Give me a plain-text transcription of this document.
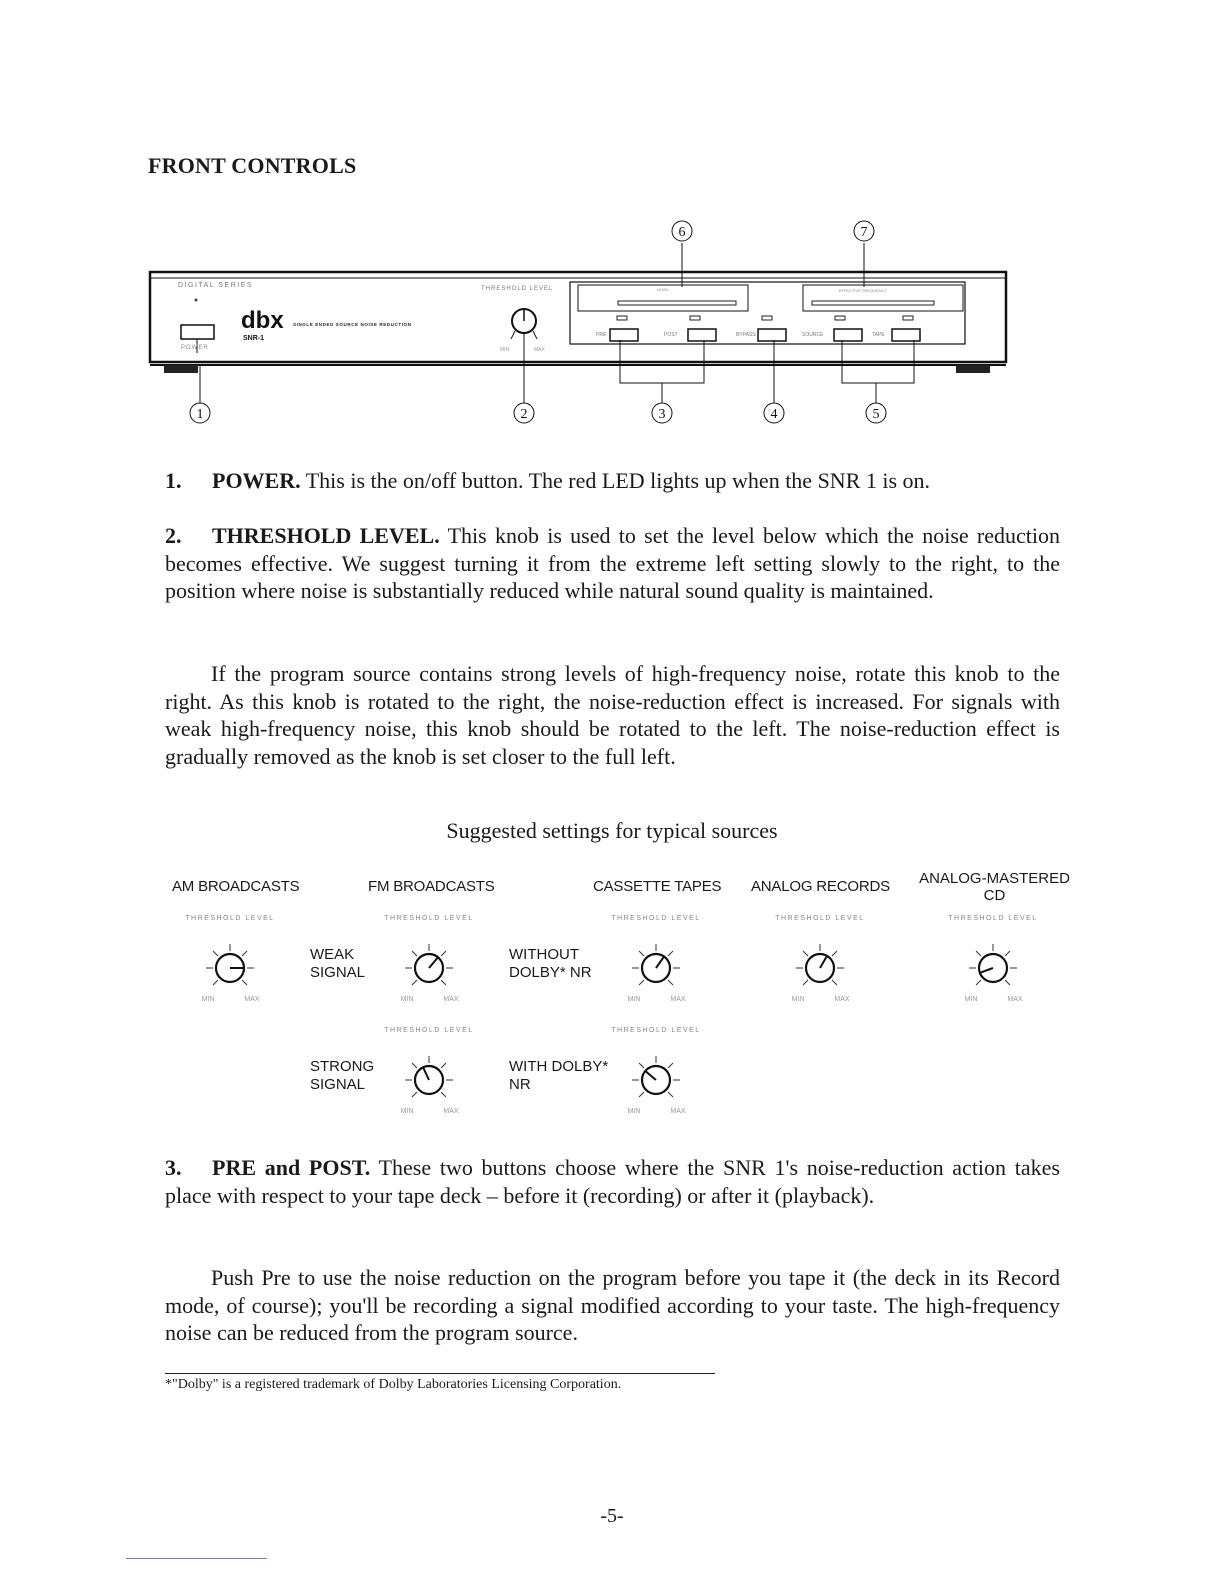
FRONT CONTROLS
DIGITAL SERIES
POWER
dbx
SNR-1
SINGLE ENDED SOURCE NOISE REDUCTION
THRESHOLD LEVEL
MIN	MAX
LEVEL	EFFECTIVE FREQUENCY
PRE	POST	BYPASS	SOURCE	TAPE
1	2	3	4	5
6	7
1. POWER. This is the on/off button. The red LED lights up when the SNR 1 is on.
2. THRESHOLD LEVEL. This knob is used to set the level below which the noise reduction becomes effective. We suggest turning it from the extreme left setting slowly to the right, to the position where noise is substantially reduced while natural sound quality is maintained.
If the program source contains strong levels of high-frequency noise, rotate this knob to the right. As this knob is rotated to the right, the noise-reduction effect is increased. For signals with weak high-frequency noise, this knob should be rotated to the left. The noise-reduction effect is gradually removed as the knob is set closer to the full left.
Suggested settings for typical sources
AM BROADCASTS	FM BROADCASTS	CASSETTE TAPES ANALOG RECORDS	ANALOG-MASTERED CD
WEAK SIGNAL
WITHOUT DOLBY* NR
STRONG SIGNAL
WITH DOLBY* NR
THRESHOLD LEVEL
MIN	MAX
THRESHOLD LEVEL
MIN	MAX
THRESHOLD LEVEL
MIN	MAX
THRESHOLD LEVEL
MIN	MAX
THRESHOLD LEVEL
MIN	MAX
THRESHOLD LEVEL
MIN	MAX
THRESHOLD LEVEL
MIN	MAX
3. PRE and POST. These two buttons choose where the SNR 1's noise-reduction action takes place with respect to your tape deck – before it (recording) or after it (playback).
Push Pre to use the noise reduction on the program before you tape it (the deck in its Record mode, of course); you'll be recording a signal modified according to your taste. The high-frequency noise can be reduced from the program source.
*"Dolby" is a registered trademark of Dolby Laboratories Licensing Corporation.
-5-
